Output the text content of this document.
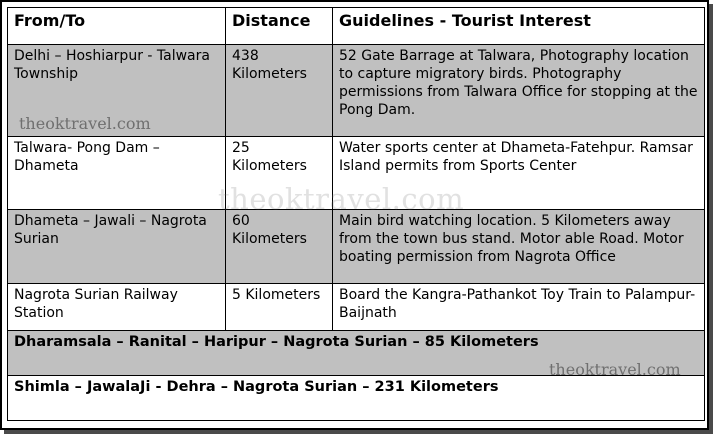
From/To	Distance	Guidelines - Tourist Interest
Delhi – Hoshiarpur - Talwara Township	438 Kilometers	52 Gate Barrage at Talwara, Photography location to capture migratory birds. Photography permissions from Talwara Office for stopping at the Pong Dam.
Talwara- Pong Dam – Dhameta	25 Kilometers	Water sports center at Dhameta-Fatehpur. Ramsar Island permits from Sports Center
Dhameta – Jawali – Nagrota Surian	60 Kilometers	Main bird watching location. 5 Kilometers away from the town bus stand. Motor able Road. Motor boating permission from Nagrota Office
Nagrota Surian Railway Station	5 Kilometers	Board the Kangra-Pathankot Toy Train to Palampur-Baijnath
Dharamsala – Ranital – Haripur – Nagrota Surian – 85 Kilometers		
Shimla – JawalaJi - Dehra – Nagrota Surian – 231 Kilometers		
theoktravel.com
theoktravel.com
theoktravel.com
